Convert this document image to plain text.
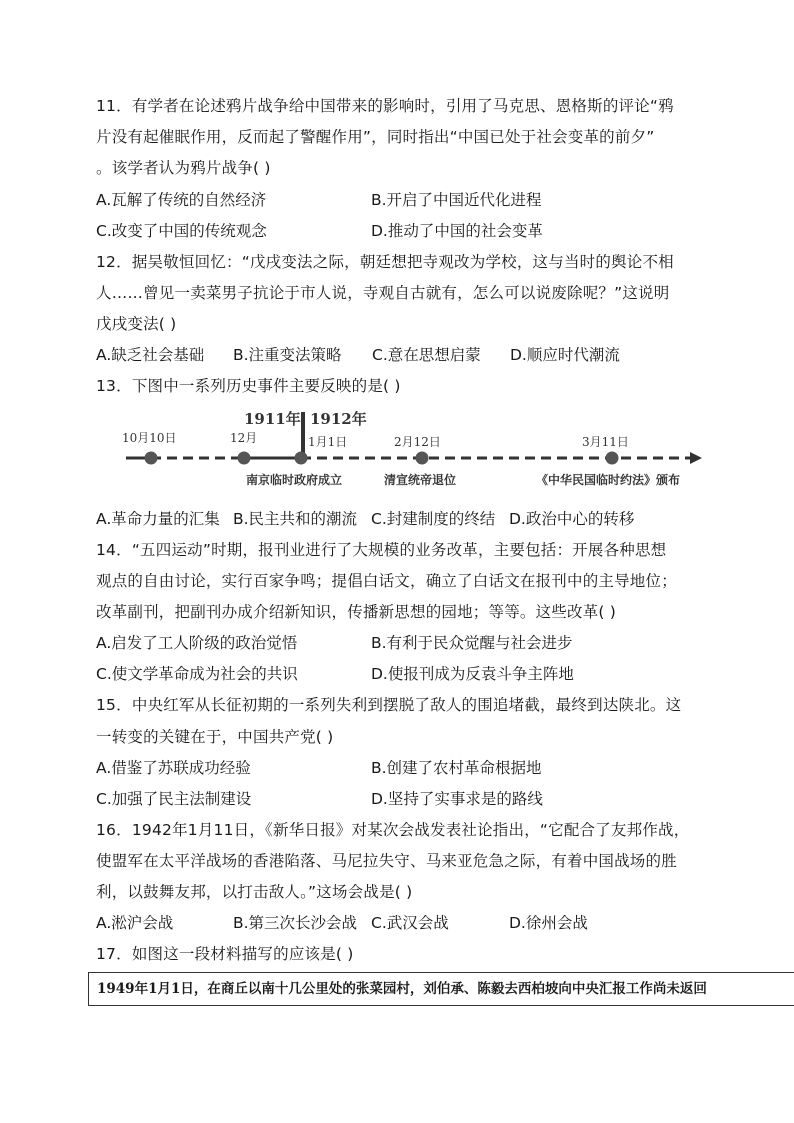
11．有学者在论述鸦片战争给中国带来的影响时，引用了马克思、恩格斯的评论“鸦
片没有起催眠作用，反而起了警醒作用”，同时指出“中国已处于社会变革的前夕”
。该学者认为鸦片战争( )
A.瓦解了传统的自然经济	B.开启了中国近代化进程
C.改变了中国的传统观念	D.推动了中国的社会变革
12．据吴敬恒回忆：“戊戌变法之际，朝廷想把寺观改为学校，这与当时的舆论不相
人……曾见一卖菜男子抗论于市人说，寺观自古就有，怎么可以说废除呢？”这说明
戊戌变法( )
A.缺乏社会基础 B.注重变法策略 C.意在思想启蒙 D.顺应时代潮流
13．下图中一系列历史事件主要反映的是( )
1911年 1912年
10月10日	12月	1月1日	2月12日	3月11日
南京临时政府成立	清宣统帝退位	《中华民国临时约法》颁布
A.革命力量的汇集 B.民主共和的潮流 C.封建制度的终结 D.政治中心的转移
14．“五四运动”时期，报刊业进行了大规模的业务改革，主要包括：开展各种思想
观点的自由讨论，实行百家争鸣；提倡白话文，确立了白话文在报刊中的主导地位；
改革副刊，把副刊办成介绍新知识，传播新思想的园地；等等。这些改革( )
A.启发了工人阶级的政治觉悟	B.有利于民众觉醒与社会进步
C.使文学革命成为社会的共识	D.使报刊成为反袁斗争主阵地
15．中央红军从长征初期的一系列失利到摆脱了敌人的围追堵截，最终到达陕北。这
一转变的关键在于，中国共产党( )
A.借鉴了苏联成功经验	B.创建了农村革命根据地
C.加强了民主法制建设	D.坚持了实事求是的路线
16．1942年1月11日，《新华日报》对某次会战发表社论指出，“它配合了友邦作战，
使盟军在太平洋战场的香港陷落、马尼拉失守、马来亚危急之际，有着中国战场的胜
利，以鼓舞友邦，以打击敌人。”这场会战是( )
A.淞沪会战	B.第三次长沙会战 C.武汉会战	D.徐州会战
17．如图这一段材料描写的应该是( )
1949年1月1日，在商丘以南十几公里处的张菜园村，刘伯承、陈毅去西柏坡向中央汇报工作尚未返回
